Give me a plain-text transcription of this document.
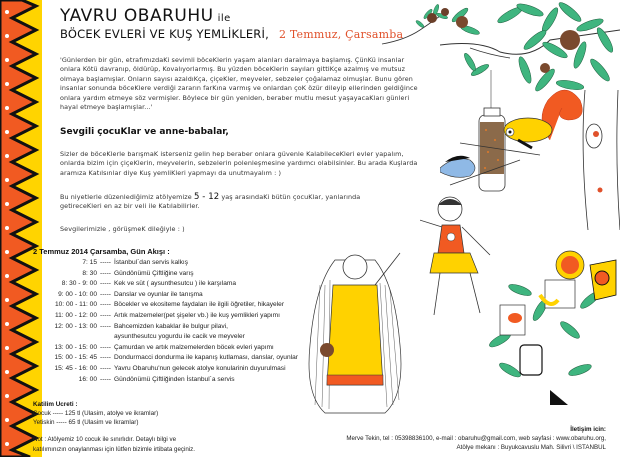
YAVRU OBARUHU ile
BÖCEK EVLERİ VE KUŞ YEMLİKLERİ, 2 Temmuz, Çarsamba

'Günlerden bir gün, etrafımızdaKi sevimli böceKlerin yaşam alanları daralmaya başlamış. ÇünKü insanlar onlara Kötü davranıp, öldürüp, Kovalıyorlarmış. Bu yüzden böceKlerin sayıları gittiKçe azalmış ve mutsuz olmaya başlamışlar. Onların sayısı azaldıKça, çiçeKler, meyveler, sebzeler çoğalamaz olmuşlar. Bunu gören insanlar sonunda böceKlere verdiği zararın farKına varmış ve onlardan çoK özür dileyip ellerinden geldiğince onlara yardım etmeye söz vermişler. Böylece bir gün yeniden, beraber mutlu mesut yaşayacaKları günleri hayal etmeye başlamışlar...'

Sevgili çocuKlar ve anne-babalar,

Sizler de böceKlerle barışmaK isterseniz gelin hep beraber onlara güvenle KalabileceKleri evler yapalım, onlarda bizim için çiçeKlerin, meyvelerin, sebzelerin polenleşmesine yardımcı olabilsinler. Bu arada Kuşlarda aramıza Katılsınlar diye Kuş yemliKleri yapmayı da unutmayalım : )

Bu niyetlerle düzenlediğimiz atölyemize 5 - 12 yaş arasındaKi bütün çocuKlar, yanlarında getireceKleri en az bir veli ile Katılabilirler.

Sevgilerimizle , görüşmeK dileğiyle : )

2 Temmuz 2014 Çarsamba, Gün Akışı :
7: 15 ----- İstanbul`dan servis kalkış
8: 30 ----- Gündönümü Çiftliğine varış
8: 30 - 9: 00 ----- Kek ve süt ( aysunthesutcu ) ile karşılama
9: 00 - 10: 00 ----- Danslar ve oyunlar ile tanışma
10: 00 - 11: 00 ----- Böcekler ve ekositeme faydaları ile ilgili öğretiler, hikayeler
11: 00 - 12: 00 ----- Artık malzemeler(pet şişeler vb.) ile kuş yemlikleri yapımı
12: 00 - 13: 00 ----- Bahcemizden kabaklar ile bulgur pilavi,
aysunthesutcu yogurdu ile cacik ve meyveler
13: 00 - 15: 00 ----- Çamurdan ve artık malzemelerden böcek evleri yapımı
15: 00 - 15: 45 ----- Dondurmacci dondurma ile kapanış kutlaması, danslar, oyunlar
15: 45 - 16: 00 ----- Yavru Obaruhu'nun gelecek atolye konularinin duyurulmasi
16: 00 ----- Gündönümü Çiftliğinden İstanbul`a servis
Katilim Ucreti :
Cocuk ----- 125 tl (Ulasim, atolye ve ikramlar)
Yetiskin ----- 65 tl (Ulasim ve Ikramlar)
Not : Atölyemiz 10 cocuk ile sınırlıdır. Detaylı bilgi ve
katılımınızın onaylanması için lütfen bizimle irtibata geçiniz.
İletişim icin:
Merve Tekin, tel : 05398836100, e-mail : obaruhu@gmail.com, web sayfasi : www.obaruhu.org,
Atölye mekanı : Buyukcavuslu Mah. Silivri \ ISTANBUL
